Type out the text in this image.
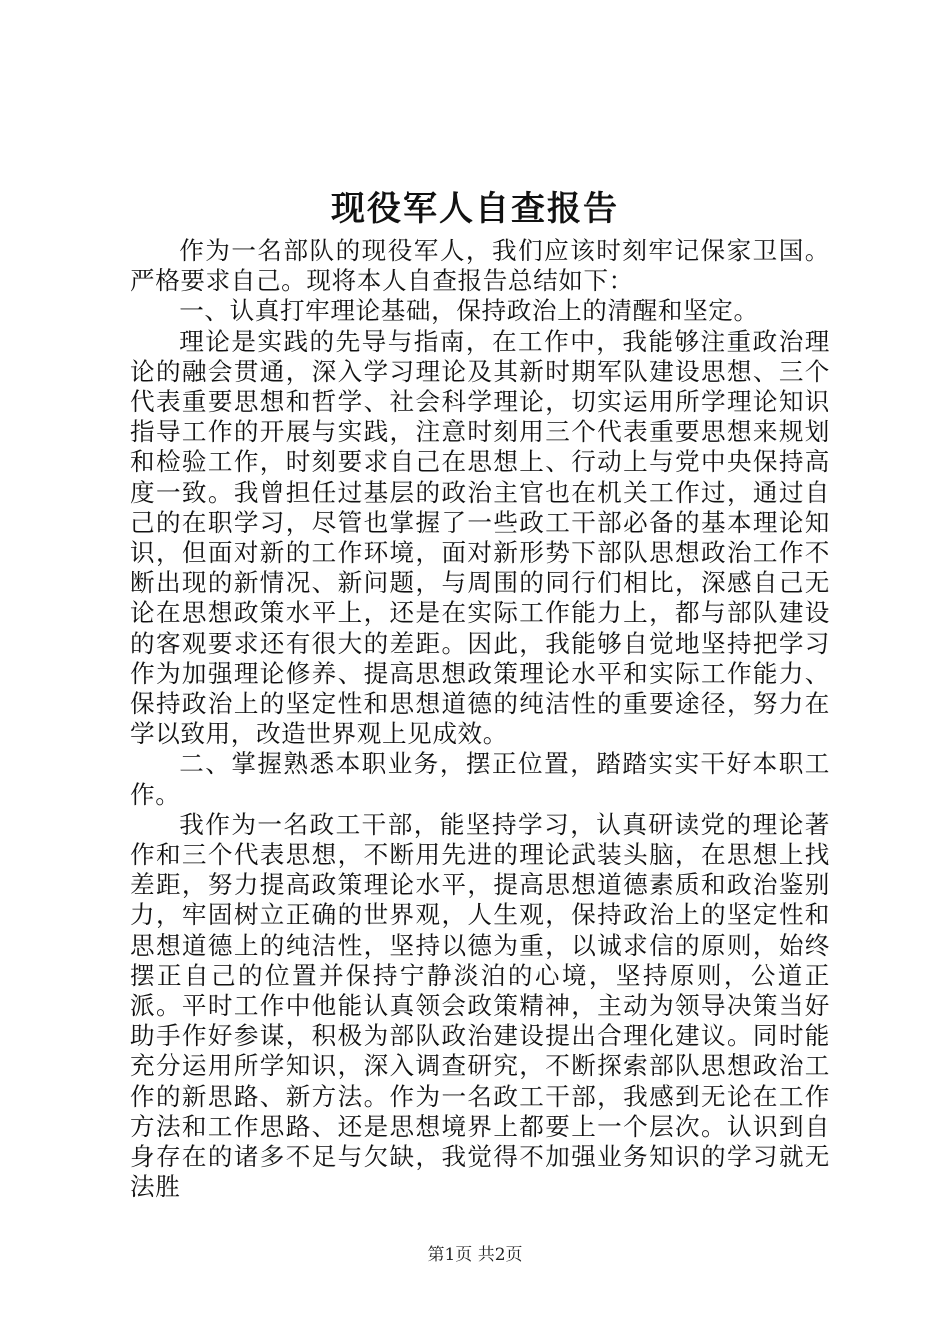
现役军人自查报告

作为一名部队的现役军人，我们应该时刻牢记保家卫国。严格要求自己。现将本人自查报告总结如下：

一、认真打牢理论基础，保持政治上的清醒和坚定。

理论是实践的先导与指南，在工作中，我能够注重政治理论的融会贯通，深入学习理论及其新时期军队建设思想、三个代表重要思想和哲学、社会科学理论，切实运用所学理论知识指导工作的开展与实践，注意时刻用三个代表重要思想来规划和检验工作，时刻要求自己在思想上、行动上与党中央保持高度一致。我曾担任过基层的政治主官也在机关工作过，通过自己的在职学习，尽管也掌握了一些政工干部必备的基本理论知识，但面对新的工作环境，面对新形势下部队思想政治工作不断出现的新情况、新问题，与周围的同行们相比，深感自己无论在思想政策水平上，还是在实际工作能力上，都与部队建设的客观要求还有很大的差距。因此，我能够自觉地坚持把学习作为加强理论修养、提高思想政策理论水平和实际工作能力、保持政治上的坚定性和思想道德的纯洁性的重要途径，努力在学以致用，改造世界观上见成效。

二、掌握熟悉本职业务，摆正位置，踏踏实实干好本职工作。

我作为一名政工干部，能坚持学习，认真研读党的理论著作和三个代表思想，不断用先进的理论武装头脑，在思想上找差距，努力提高政策理论水平，提高思想道德素质和政治鉴别力，牢固树立正确的世界观，人生观，保持政治上的坚定性和思想道德上的纯洁性，坚持以德为重，以诚求信的原则，始终摆正自己的位置并保持宁静淡泊的心境，坚持原则，公道正派。平时工作中他能认真领会政策精神，主动为领导决策当好助手作好参谋，积极为部队政治建设提出合理化建议。同时能充分运用所学知识，深入调查研究，不断探索部队思想政治工作的新思路、新方法。作为一名政工干部，我感到无论在工作方法和工作思路、还是思想境界上都要上一个层次。认识到自身存在的诸多不足与欠缺，我觉得不加强业务知识的学习就无法胜

第1页 共2页
